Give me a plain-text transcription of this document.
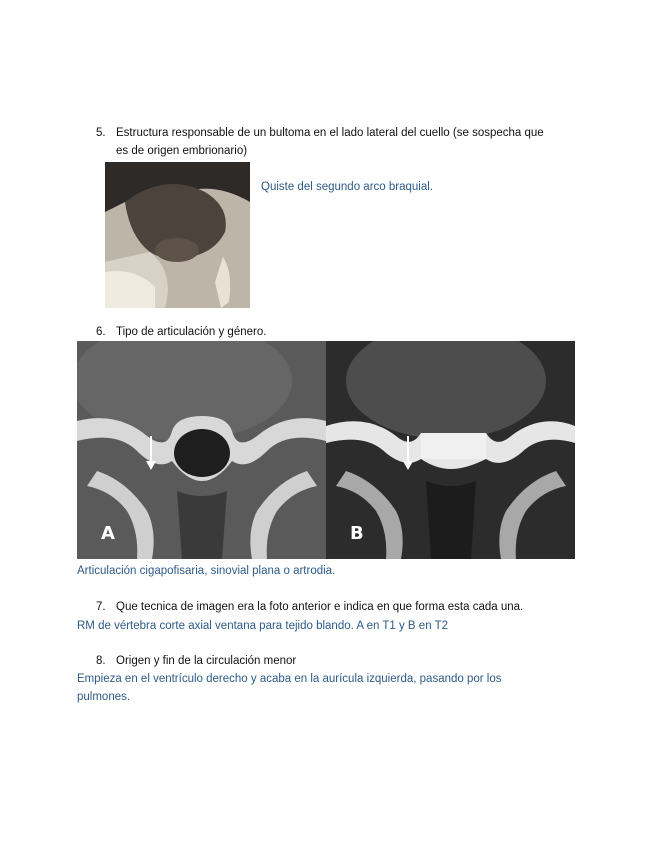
5. Estructura responsable de un bultoma en el lado lateral del cuello (se sospecha que
es de origen embrionario)
Quiste del segundo arco braquial.
6. Tipo de articulación y género.
A	B
Articulación cigapofisaria, sinovial plana o artrodia.
7. Que tecnica de imagen era la foto anterior e indica en que forma esta cada una.
RM de vértebra corte axial ventana para tejido blando. A en T1 y B en T2
8. Origen y fin de la circulación menor
Empieza en el ventrículo derecho y acaba en la aurícula izquierda, pasando por los
pulmones.
